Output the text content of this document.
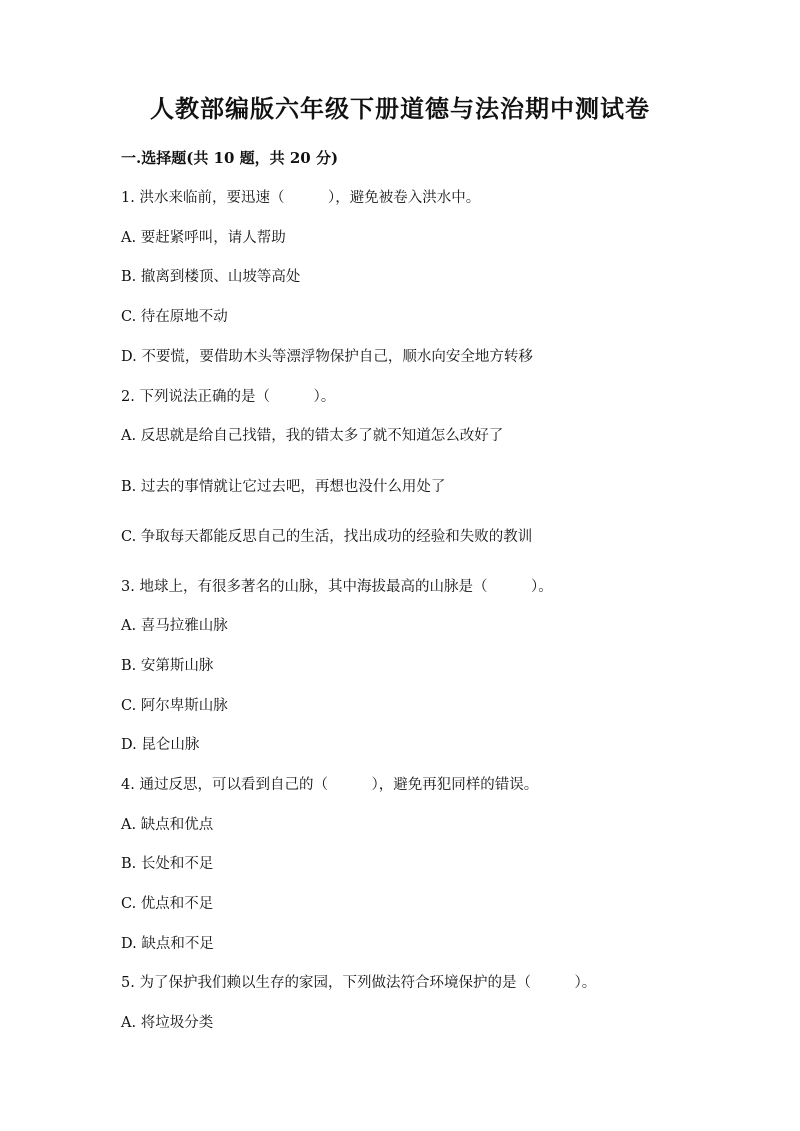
人教部编版六年级下册道德与法治期中测试卷
一.选择题(共 10 题，共 20 分)
1. 洪水来临前，要迅速（　　　），避免被卷入洪水中。
A. 要赶紧呼叫，请人帮助
B. 撤离到楼顶、山坡等高处
C. 待在原地不动
D. 不要慌，要借助木头等漂浮物保护自己，顺水向安全地方转移
2. 下列说法正确的是（　　　）。
A. 反思就是给自己找错，我的错太多了就不知道怎么改好了
B. 过去的事情就让它过去吧，再想也没什么用处了
C. 争取每天都能反思自己的生活，找出成功的经验和失败的教训
3. 地球上，有很多著名的山脉，其中海拔最高的山脉是（　　　）。
A. 喜马拉雅山脉
B. 安第斯山脉
C. 阿尔卑斯山脉
D. 昆仑山脉
4. 通过反思，可以看到自己的（　　　），避免再犯同样的错误。
A. 缺点和优点
B. 长处和不足
C. 优点和不足
D. 缺点和不足
5. 为了保护我们赖以生存的家园，下列做法符合环境保护的是（　　　）。
A. 将垃圾分类
